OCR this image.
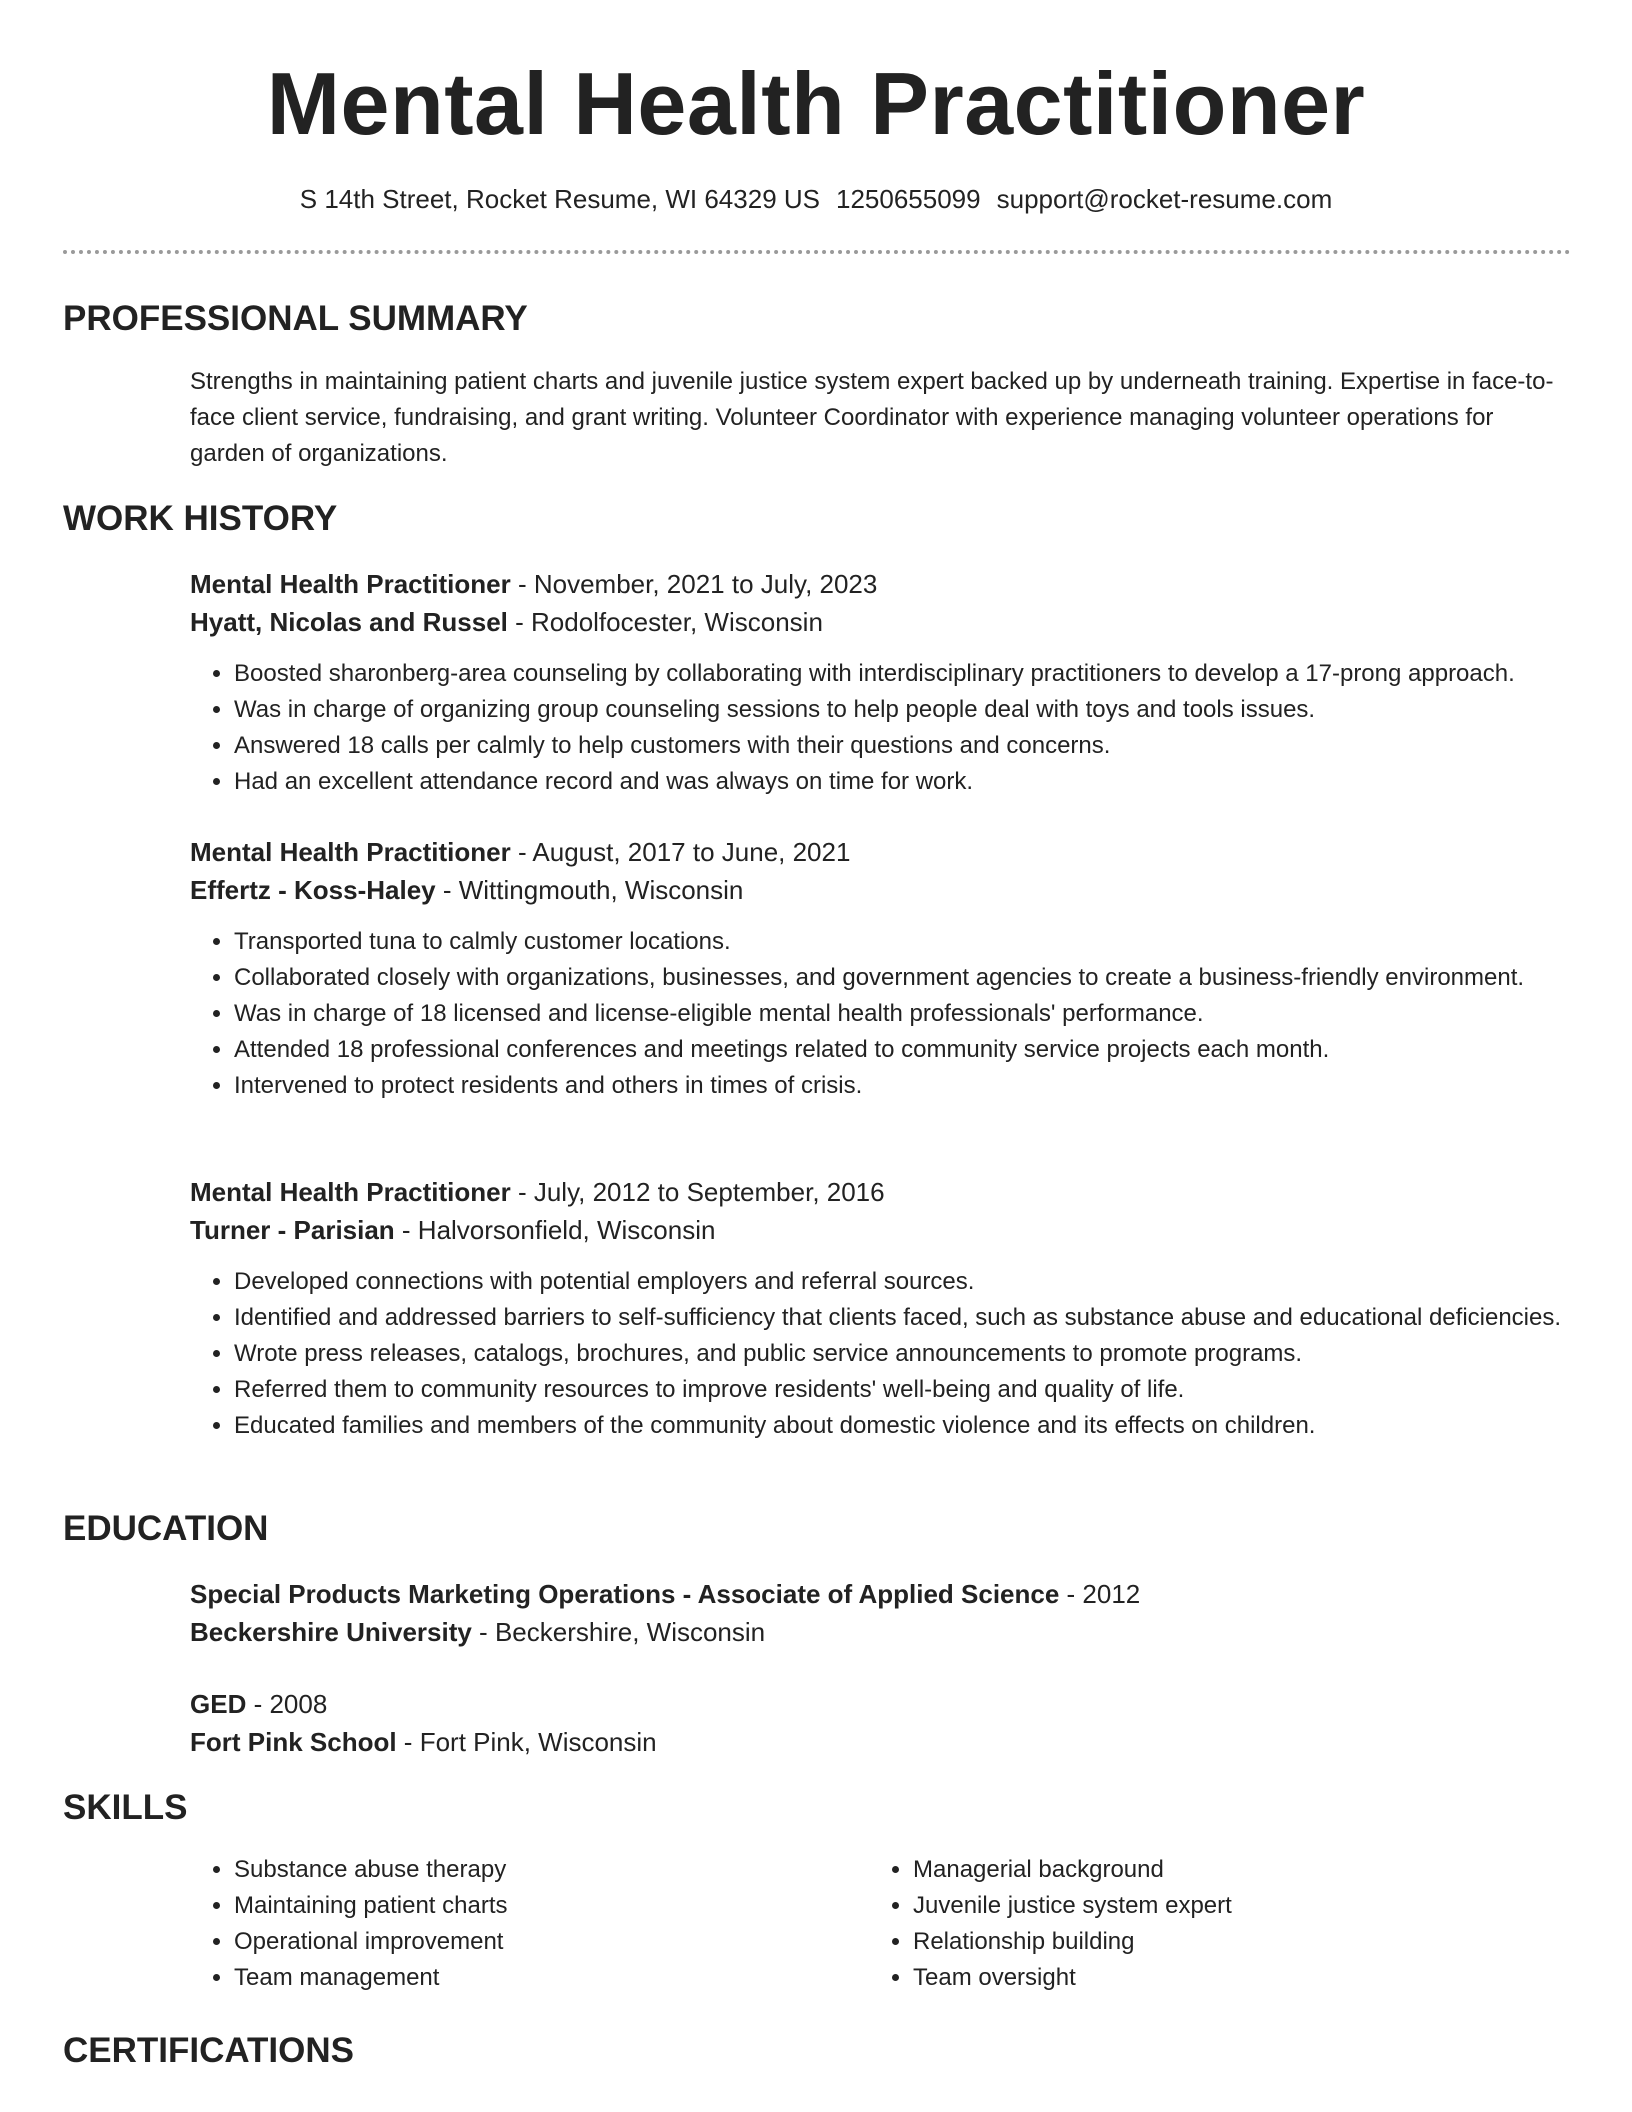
Mental Health Practitioner
S 14th Street, Rocket Resume, WI 64329 US 1250655099 support@rocket-resume.com
PROFESSIONAL SUMMARY
Strengths in maintaining patient charts and juvenile justice system expert backed up by underneath training. Expertise in face-to-face client service, fundraising, and grant writing. Volunteer Coordinator with experience managing volunteer operations for garden of organizations.
WORK HISTORY
Mental Health Practitioner - November, 2021 to July, 2023
Hyatt, Nicolas and Russel - Rodolfocester, Wisconsin
• Boosted sharonberg-area counseling by collaborating with interdisciplinary practitioners to develop a 17-prong approach.
• Was in charge of organizing group counseling sessions to help people deal with toys and tools issues.
• Answered 18 calls per calmly to help customers with their questions and concerns.
• Had an excellent attendance record and was always on time for work.
Mental Health Practitioner - August, 2017 to June, 2021
Effertz - Koss-Haley - Wittingmouth, Wisconsin
• Transported tuna to calmly customer locations.
• Collaborated closely with organizations, businesses, and government agencies to create a business-friendly environment.
• Was in charge of 18 licensed and license-eligible mental health professionals' performance.
• Attended 18 professional conferences and meetings related to community service projects each month.
• Intervened to protect residents and others in times of crisis.
Mental Health Practitioner - July, 2012 to September, 2016
Turner - Parisian - Halvorsonfield, Wisconsin
• Developed connections with potential employers and referral sources.
• Identified and addressed barriers to self-sufficiency that clients faced, such as substance abuse and educational deficiencies.
• Wrote press releases, catalogs, brochures, and public service announcements to promote programs.
• Referred them to community resources to improve residents' well-being and quality of life.
• Educated families and members of the community about domestic violence and its effects on children.
EDUCATION
Special Products Marketing Operations - Associate of Applied Science - 2012
Beckershire University - Beckershire, Wisconsin
GED - 2008
Fort Pink School - Fort Pink, Wisconsin
SKILLS
• Substance abuse therapy
• Maintaining patient charts
• Operational improvement
• Team management
• Managerial background
• Juvenile justice system expert
• Relationship building
• Team oversight
CERTIFICATIONS
